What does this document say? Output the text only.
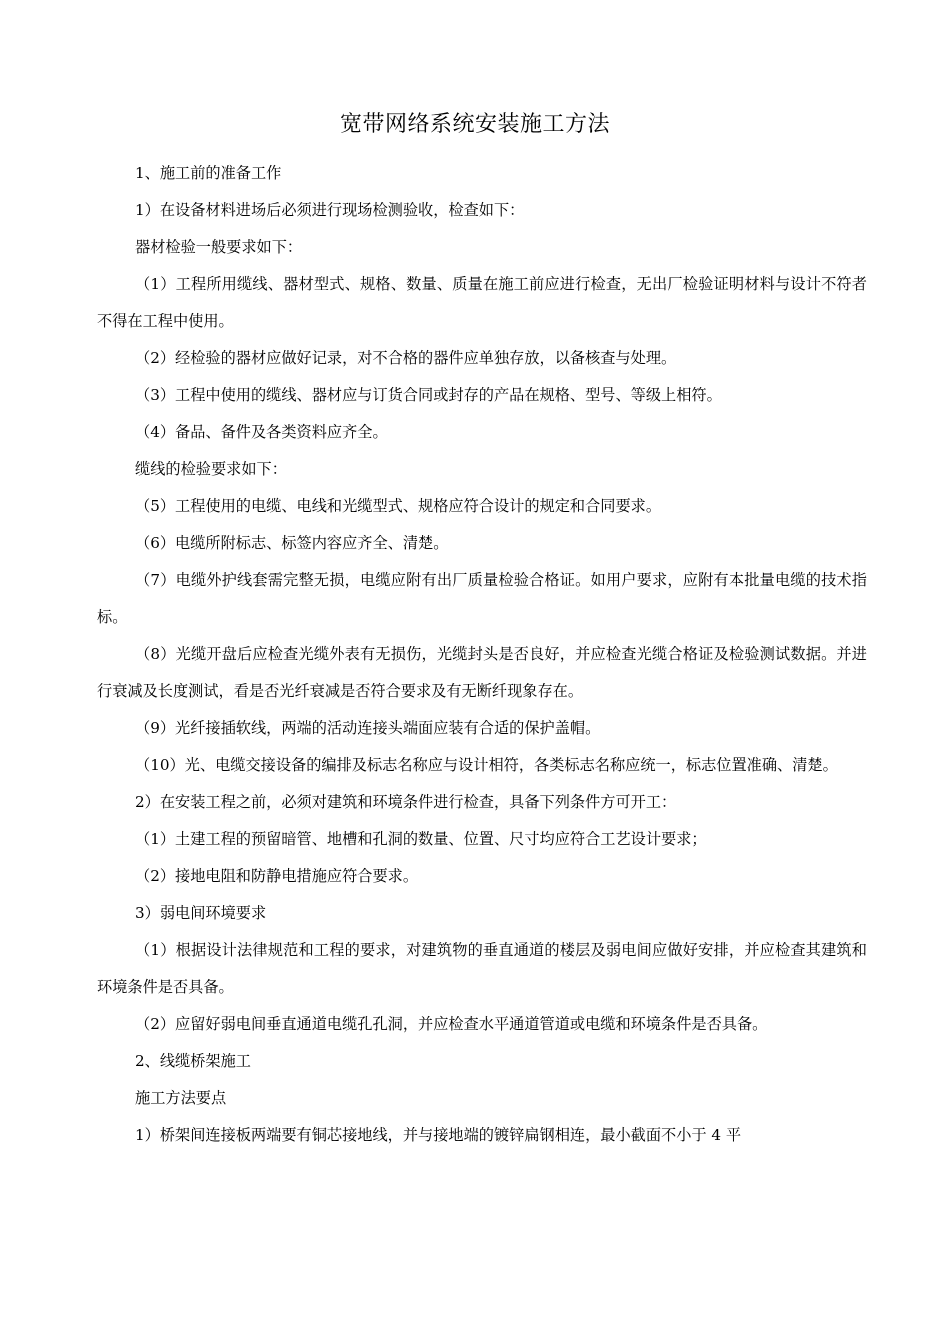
宽带网络系统安装施工方法

1、施工前的准备工作

1）在设备材料进场后必须进行现场检测验收，检查如下：

器材检验一般要求如下：

（1）工程所用缆线、器材型式、规格、数量、质量在施工前应进行检查，无出厂检验证明材料与设计不符者不得在工程中使用。

（2）经检验的器材应做好记录，对不合格的器件应单独存放，以备核查与处理。

（3）工程中使用的缆线、器材应与订货合同或封存的产品在规格、型号、等级上相符。

（4）备品、备件及各类资料应齐全。

缆线的检验要求如下：

（5）工程使用的电缆、电线和光缆型式、规格应符合设计的规定和合同要求。

（6）电缆所附标志、标签内容应齐全、清楚。

（7）电缆外护线套需完整无损，电缆应附有出厂质量检验合格证。如用户要求，应附有本批量电缆的技术指标。

（8）光缆开盘后应检查光缆外表有无损伤，光缆封头是否良好，并应检查光缆合格证及检验测试数据。并进行衰减及长度测试，看是否光纤衰减是否符合要求及有无断纤现象存在。

（9）光纤接插软线，两端的活动连接头端面应装有合适的保护盖帽。

（10）光、电缆交接设备的编排及标志名称应与设计相符，各类标志名称应统一，标志位置准确、清楚。

2）在安装工程之前，必须对建筑和环境条件进行检查，具备下列条件方可开工：

（1）土建工程的预留暗管、地槽和孔洞的数量、位置、尺寸均应符合工艺设计要求；

（2）接地电阻和防静电措施应符合要求。

3）弱电间环境要求

（1）根据设计法律规范和工程的要求，对建筑物的垂直通道的楼层及弱电间应做好安排，并应检查其建筑和环境条件是否具备。

（2）应留好弱电间垂直通道电缆孔孔洞，并应检查水平通道管道或电缆和环境条件是否具备。

2、线缆桥架施工

施工方法要点

1）桥架间连接板两端要有铜芯接地线，并与接地端的镀锌扁钢相连，最小截面不小于 4 平
